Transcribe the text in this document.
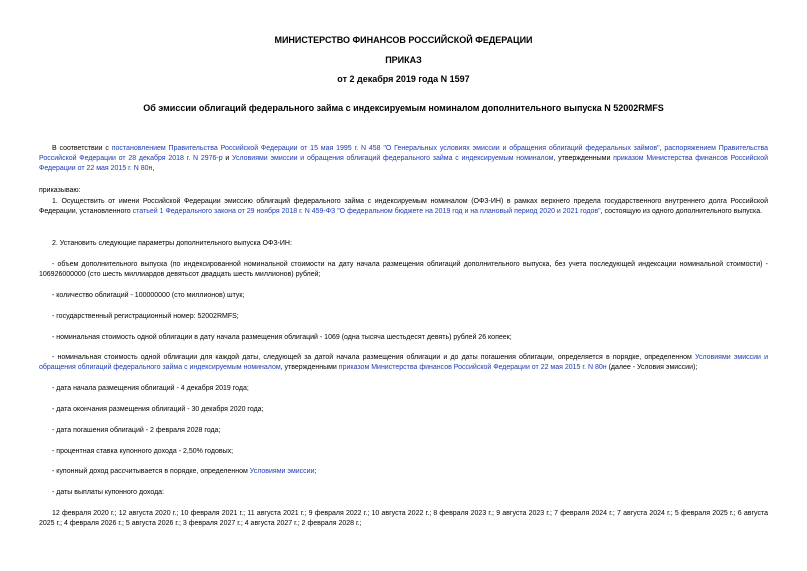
МИНИСТЕРСТВО ФИНАНСОВ РОССИЙСКОЙ ФЕДЕРАЦИИ

ПРИКАЗ

от 2 декабря 2019 года N 1597

Об эмиссии облигаций федерального займа с индексируемым номиналом дополнительного выпуска N 52002RMFS

В соответствии с постановлением Правительства Российской Федерации от 15 мая 1995 г. N 458 "О Генеральных условиях эмиссии и обращения облигаций федеральных займов", распоряжением Правительства Российской Федерации от 28 декабря 2018 г. N 2976-р и Условиями эмиссии и обращения облигаций федерального займа с индексируемым номиналом, утвержденными приказом Министерства финансов Российской Федерации от 22 мая 2015 г. N 80н,

приказываю:

1. Осуществить от имени Российской Федерации эмиссию облигаций федерального займа с индексируемым номиналом (ОФЗ-ИН) в рамках верхнего предела государственного внутреннего долга Российской Федерации, установленного статьей 1 Федерального закона от 29 ноября 2018 г. N 459-ФЗ "О федеральном бюджете на 2019 год и на плановый период 2020 и 2021 годов", состоящую из одного дополнительного выпуска.

2. Установить следующие параметры дополнительного выпуска ОФЗ-ИН:

- объем дополнительного выпуска (по индексированной номинальной стоимости на дату начала размещения облигаций дополнительного выпуска, без учета последующей индексации номинальной стоимости) - 106926000000 (сто шесть миллиардов девятьсот двадцать шесть миллионов) рублей;

- количество облигаций - 100000000 (сто миллионов) штук;

- государственный регистрационный номер: 52002RMFS;

- номинальная стоимость одной облигации в дату начала размещения облигаций - 1069 (одна тысяча шестьдесят девять) рублей 26 копеек;

- номинальная стоимость одной облигации для каждой даты, следующей за датой начала размещения облигации и до даты погашения облигации, определяется в порядке, определенном Условиями эмиссии и обращения облигаций федерального займа с индексируемым номиналом, утвержденными приказом Министерства финансов Российской Федерации от 22 мая 2015 г. N 80н (далее - Условия эмиссии);

- дата начала размещения облигаций - 4 декабря 2019 года;

- дата окончания размещения облигаций - 30 декабря 2020 года;

- дата погашения облигаций - 2 февраля 2028 года;

- процентная ставка купонного дохода - 2,50% годовых;

- купонный доход рассчитывается в порядке, определенном Условиями эмиссии;

- даты выплаты купонного дохода:

12 февраля 2020 г.; 12 августа 2020 г.; 10 февраля 2021 г.; 11 августа 2021 г.; 9 февраля 2022 г.; 10 августа 2022 г.; 8 февраля 2023 г.; 9 августа 2023 г.; 7 февраля 2024 г.; 7 августа 2024 г.; 5 февраля 2025 г.; 6 августа 2025 г.; 4 февраля 2026 г.; 5 августа 2026 г.; 3 февраля 2027 г.; 4 августа 2027 г.; 2 февраля 2028 г.;
